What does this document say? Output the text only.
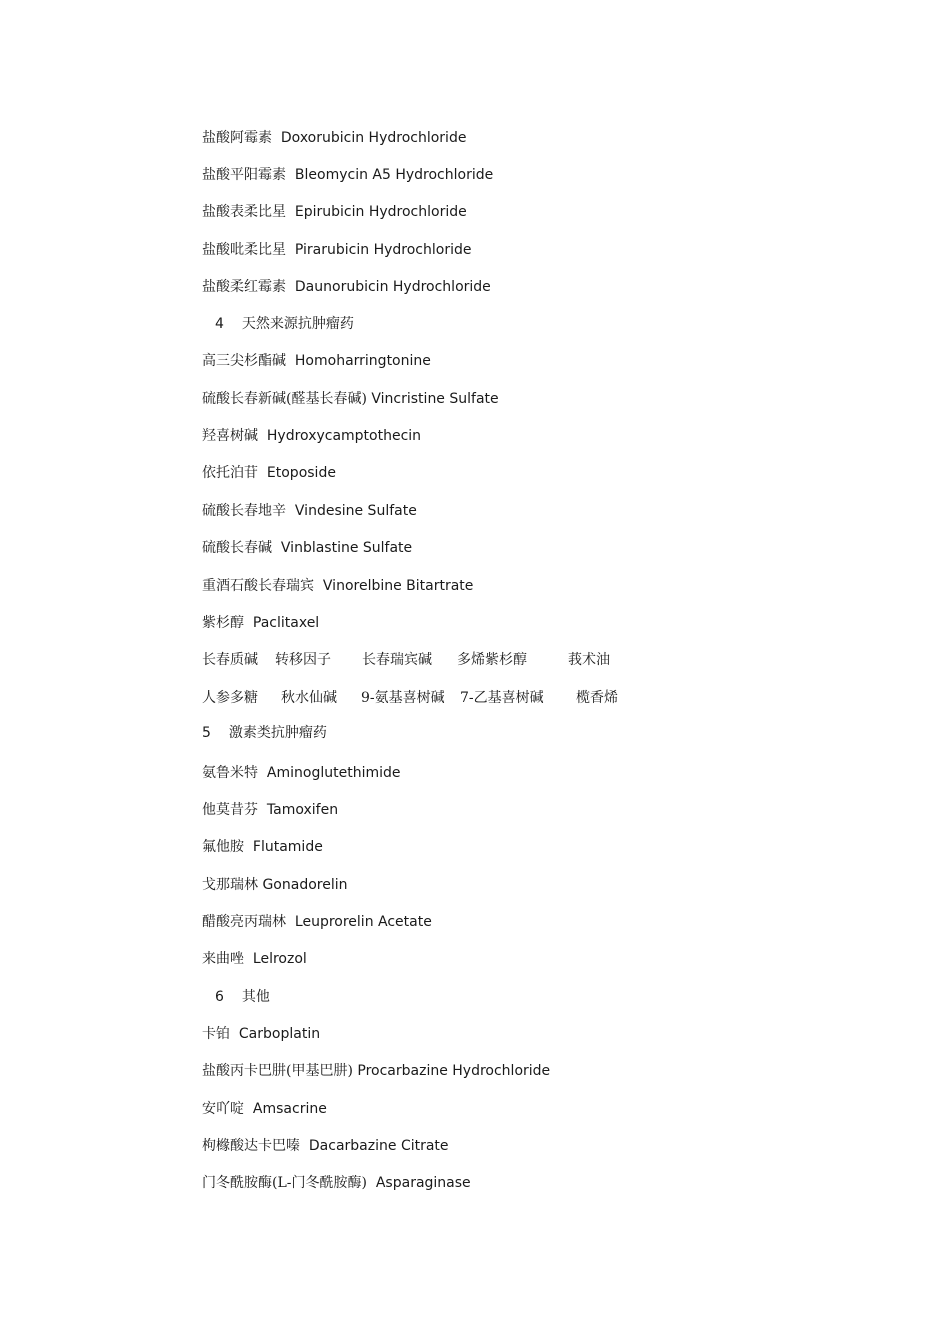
盐酸阿霉素 Doxorubicin Hydrochloride
盐酸平阳霉素 Bleomycin A5 Hydrochloride
盐酸表柔比星 Epirubicin Hydrochloride
盐酸吡柔比星 Pirarubicin Hydrochloride
盐酸柔红霉素 Daunorubicin Hydrochloride
4 天然来源抗肿瘤药
高三尖杉酯碱 Homoharringtonine
硫酸长春新碱(醛基长春碱) Vincristine Sulfate
羟喜树碱 Hydroxycamptothecin
依托泊苷 Etoposide
硫酸长春地辛 Vindesine Sulfate
硫酸长春碱 Vinblastine Sulfate
重酒石酸长春瑞宾 Vinorelbine Bitartrate
紫杉醇 Paclitaxel
长春质碱 转移因子 长春瑞宾碱 多烯紫杉醇	莪术油
人参多糖 秋水仙碱 9-氨基喜树碱 7-乙基喜树碱 榄香烯
5 激素类抗肿瘤药
氨鲁米特 Aminoglutethimide
他莫昔芬 Tamoxifen
氟他胺 Flutamide
戈那瑞林 Gonadorelin
醋酸亮丙瑞林 Leuprorelin Acetate
来曲唑 Lelrozol
6 其他
卡铂 Carboplatin
盐酸丙卡巴肼(甲基巴肼) Procarbazine Hydrochloride
安吖啶 Amsacrine
枸橼酸达卡巴嗪 Dacarbazine Citrate
门冬酰胺酶(L-门冬酰胺酶) Asparaginase
